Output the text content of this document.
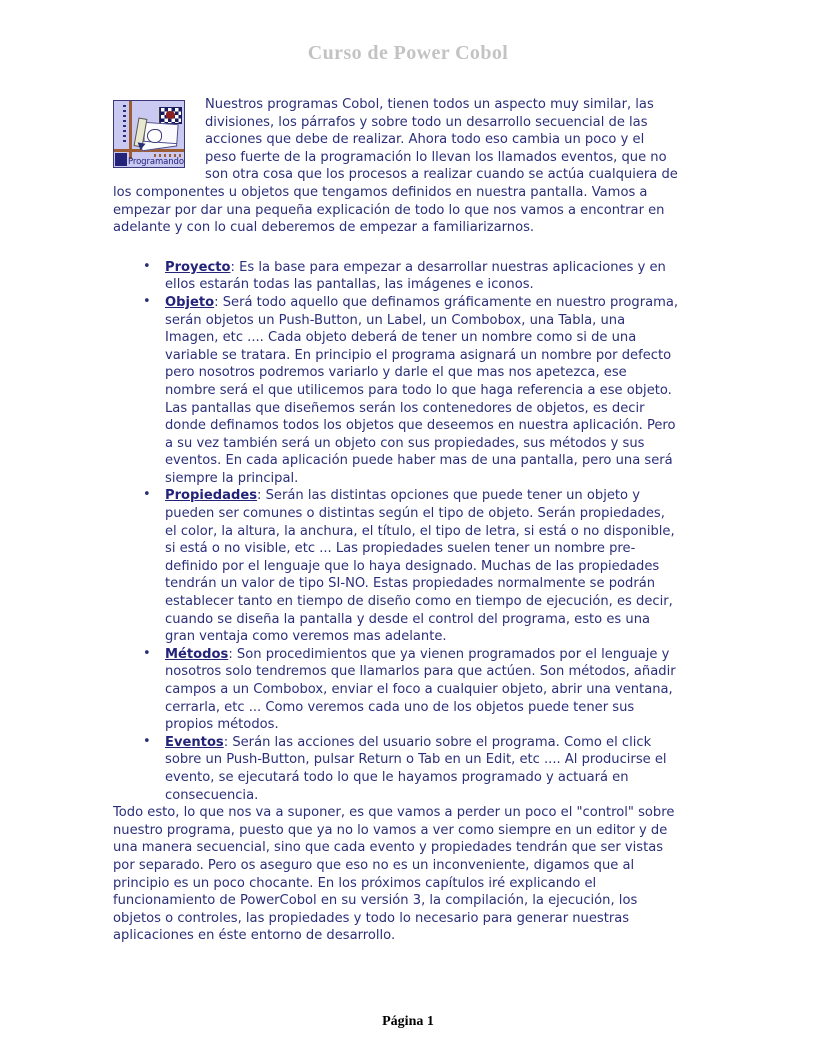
Curso de Power Cobol
Programando

Nuestros programas Cobol, tienen todos un aspecto muy similar, las divisiones, los párrafos y sobre todo un desarrollo secuencial de las acciones que debe de realizar. Ahora todo eso cambia un poco y el peso fuerte de la programación lo llevan los llamados eventos, que no son otra cosa que los procesos a realizar cuando se actúa cualquiera de los componentes u objetos que tengamos definidos en nuestra pantalla. Vamos a empezar por dar una pequeña explicación de todo lo que nos vamos a encontrar en adelante y con lo cual deberemos de empezar a familiarizarnos.

• Proyecto: Es la base para empezar a desarrollar nuestras aplicaciones y en ellos estarán todas las pantallas, las imágenes e iconos.
• Objeto: Será todo aquello que definamos gráficamente en nuestro programa, serán objetos un Push-Button, un Label, un Combobox, una Tabla, una Imagen, etc .... Cada objeto deberá de tener un nombre como si de una variable se tratara. En principio el programa asignará un nombre por defecto pero nosotros podremos variarlo y darle el que mas nos apetezca, ese nombre será el que utilicemos para todo lo que haga referencia a ese objeto. Las pantallas que diseñemos serán los contenedores de objetos, es decir donde definamos todos los objetos que deseemos en nuestra aplicación. Pero a su vez también será un objeto con sus propiedades, sus métodos y sus eventos. En cada aplicación puede haber mas de una pantalla, pero una será siempre la principal.
• Propiedades: Serán las distintas opciones que puede tener un objeto y pueden ser comunes o distintas según el tipo de objeto. Serán propiedades, el color, la altura, la anchura, el título, el tipo de letra, si está o no disponible, si está o no visible, etc ... Las propiedades suelen tener un nombre pre-definido por el lenguaje que lo haya designado. Muchas de las propiedades tendrán un valor de tipo SI-NO. Estas propiedades normalmente se podrán establecer tanto en tiempo de diseño como en tiempo de ejecución, es decir, cuando se diseña la pantalla y desde el control del programa, esto es una gran ventaja como veremos mas adelante.
• Métodos: Son procedimientos que ya vienen programados por el lenguaje y nosotros solo tendremos que llamarlos para que actúen. Son métodos, añadir campos a un Combobox, enviar el foco a cualquier objeto, abrir una ventana, cerrarla, etc ... Como veremos cada uno de los objetos puede tener sus propios métodos.
• Eventos: Serán las acciones del usuario sobre el programa. Como el click sobre un Push-Button, pulsar Return o Tab en un Edit, etc .... Al producirse el evento, se ejecutará todo lo que le hayamos programado y actuará en consecuencia.

Todo esto, lo que nos va a suponer, es que vamos a perder un poco el "control" sobre nuestro programa, puesto que ya no lo vamos a ver como siempre en un editor y de una manera secuencial, sino que cada evento y propiedades tendrán que ser vistas por separado. Pero os aseguro que eso no es un inconveniente, digamos que al principio es un poco chocante. En los próximos capítulos iré explicando el funcionamiento de PowerCobol en su versión 3, la compilación, la ejecución, los objetos o controles, las propiedades y todo lo necesario para generar nuestras aplicaciones en éste entorno de desarrollo.

Página 1
